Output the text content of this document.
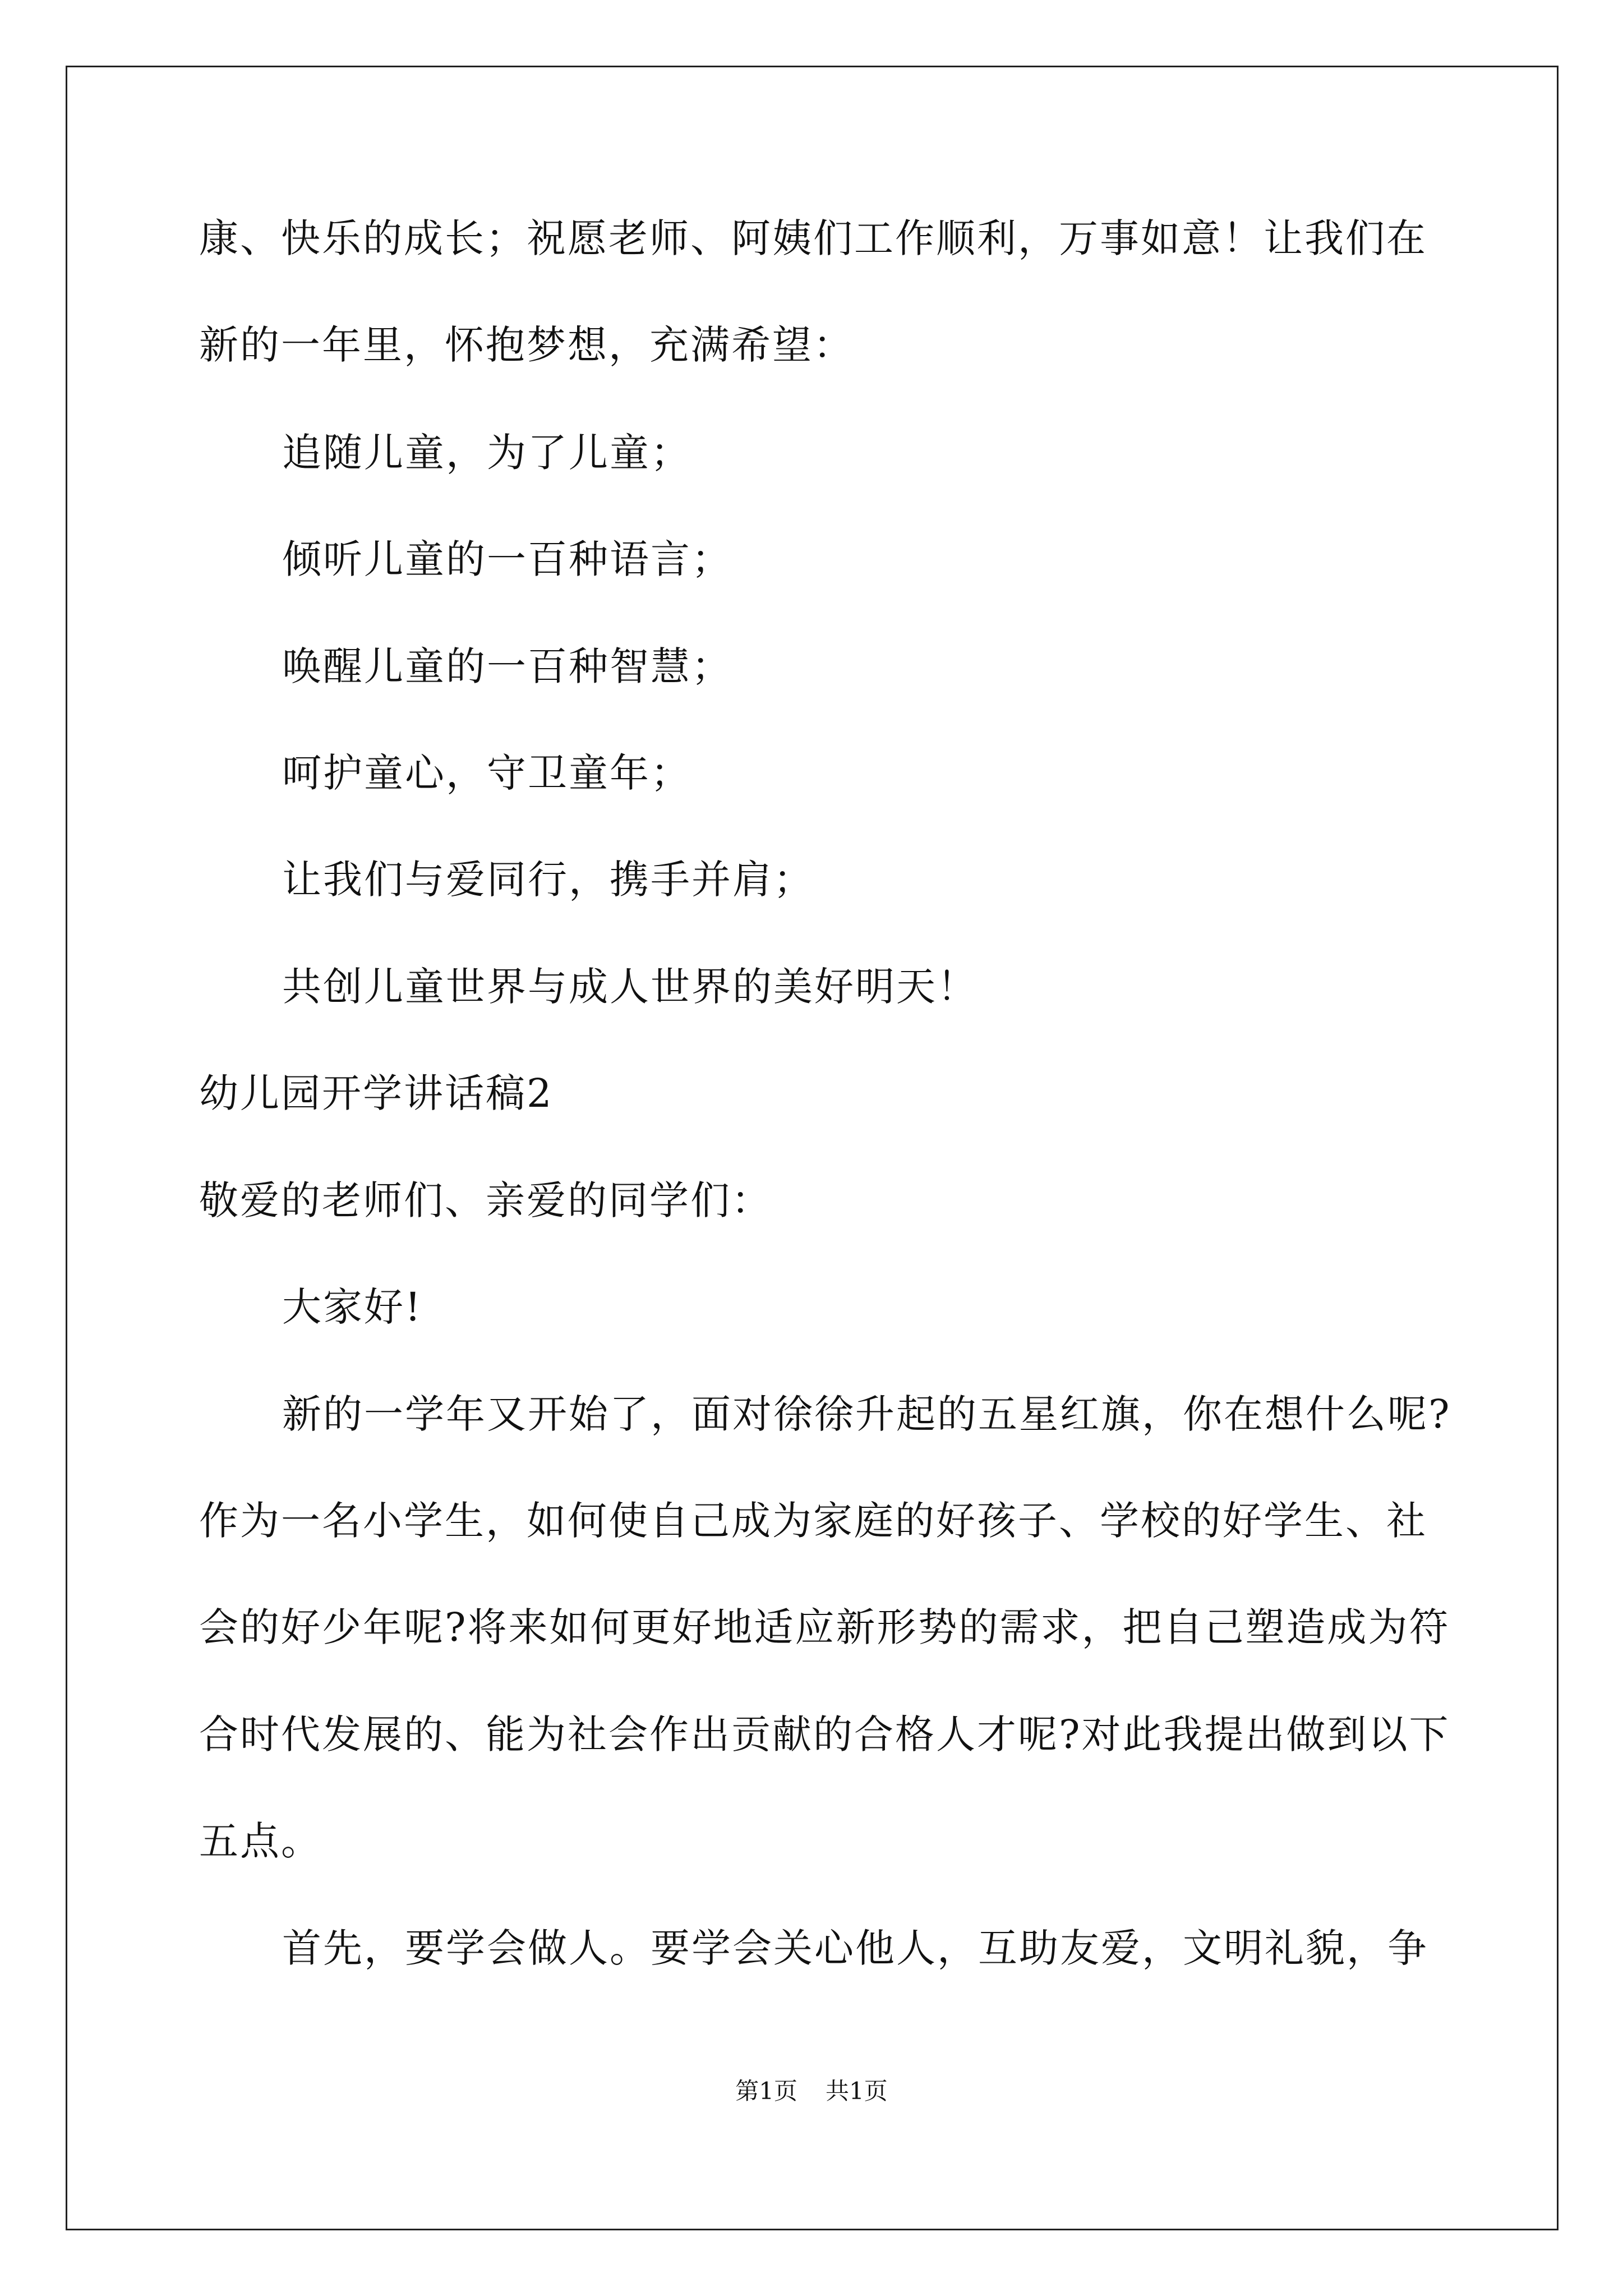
康、快乐的成长；祝愿老师、阿姨们工作顺利，万事如意！让我们在
新的一年里，怀抱梦想，充满希望：
追随儿童，为了儿童；
倾听儿童的一百种语言；
唤醒儿童的一百种智慧；
呵护童心，守卫童年；
让我们与爱同行，携手并肩；
共创儿童世界与成人世界的美好明天！
幼儿园开学讲话稿2
敬爱的老师们、亲爱的同学们：
大家好!
新的一学年又开始了，面对徐徐升起的五星红旗，你在想什么呢?
作为一名小学生，如何使自己成为家庭的好孩子、学校的好学生、社
会的好少年呢?将来如何更好地适应新形势的需求，把自己塑造成为符
合时代发展的、能为社会作出贡献的合格人才呢?对此我提出做到以下
五点。
首先，要学会做人。要学会关心他人，互助友爱，文明礼貌，争
第1页 共1页
